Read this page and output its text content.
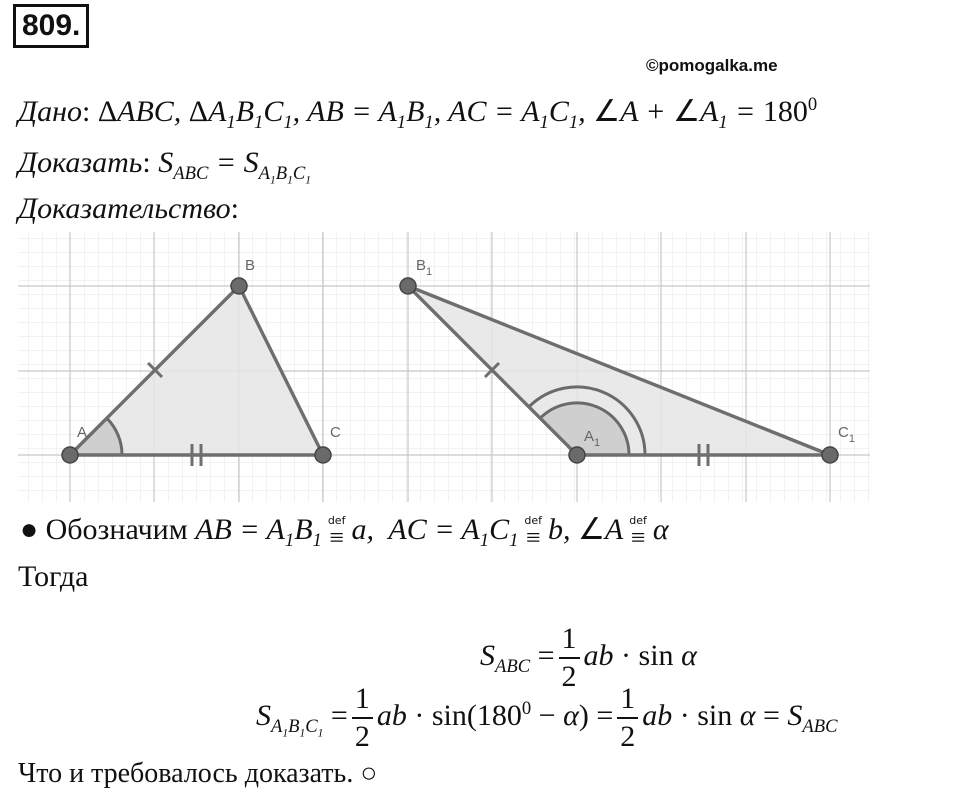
809.
©pomogalka.me
Дано: ΔABC, $\Delta A_1B_1C_1$, AB = $A_1B_1$, AC = $A_1C_1$, ∠A + $\angle A_1 = 180^0$
Доказать: $S_{ABC} = S_{A_1B_1C_1}$
Доказательство:
A
B
C
$B_1$
$A_1$
$C_1$
● Обозначим AB = $A_1B_1$
def
≡ a,  AC = $A_1C_1$
def
≡ b, ∠A def
≡ α
Тогда
$S_{ABC} = \frac{1}{2}$ ab · sin α
$S_{A_1B_1C_1} = \frac{1}{2}$ ab · $\sin(180^0 - \alpha) = \frac{1}{2}$ ab · $\sin \alpha = S_{ABC}$
Что и требовалось доказать. ○
